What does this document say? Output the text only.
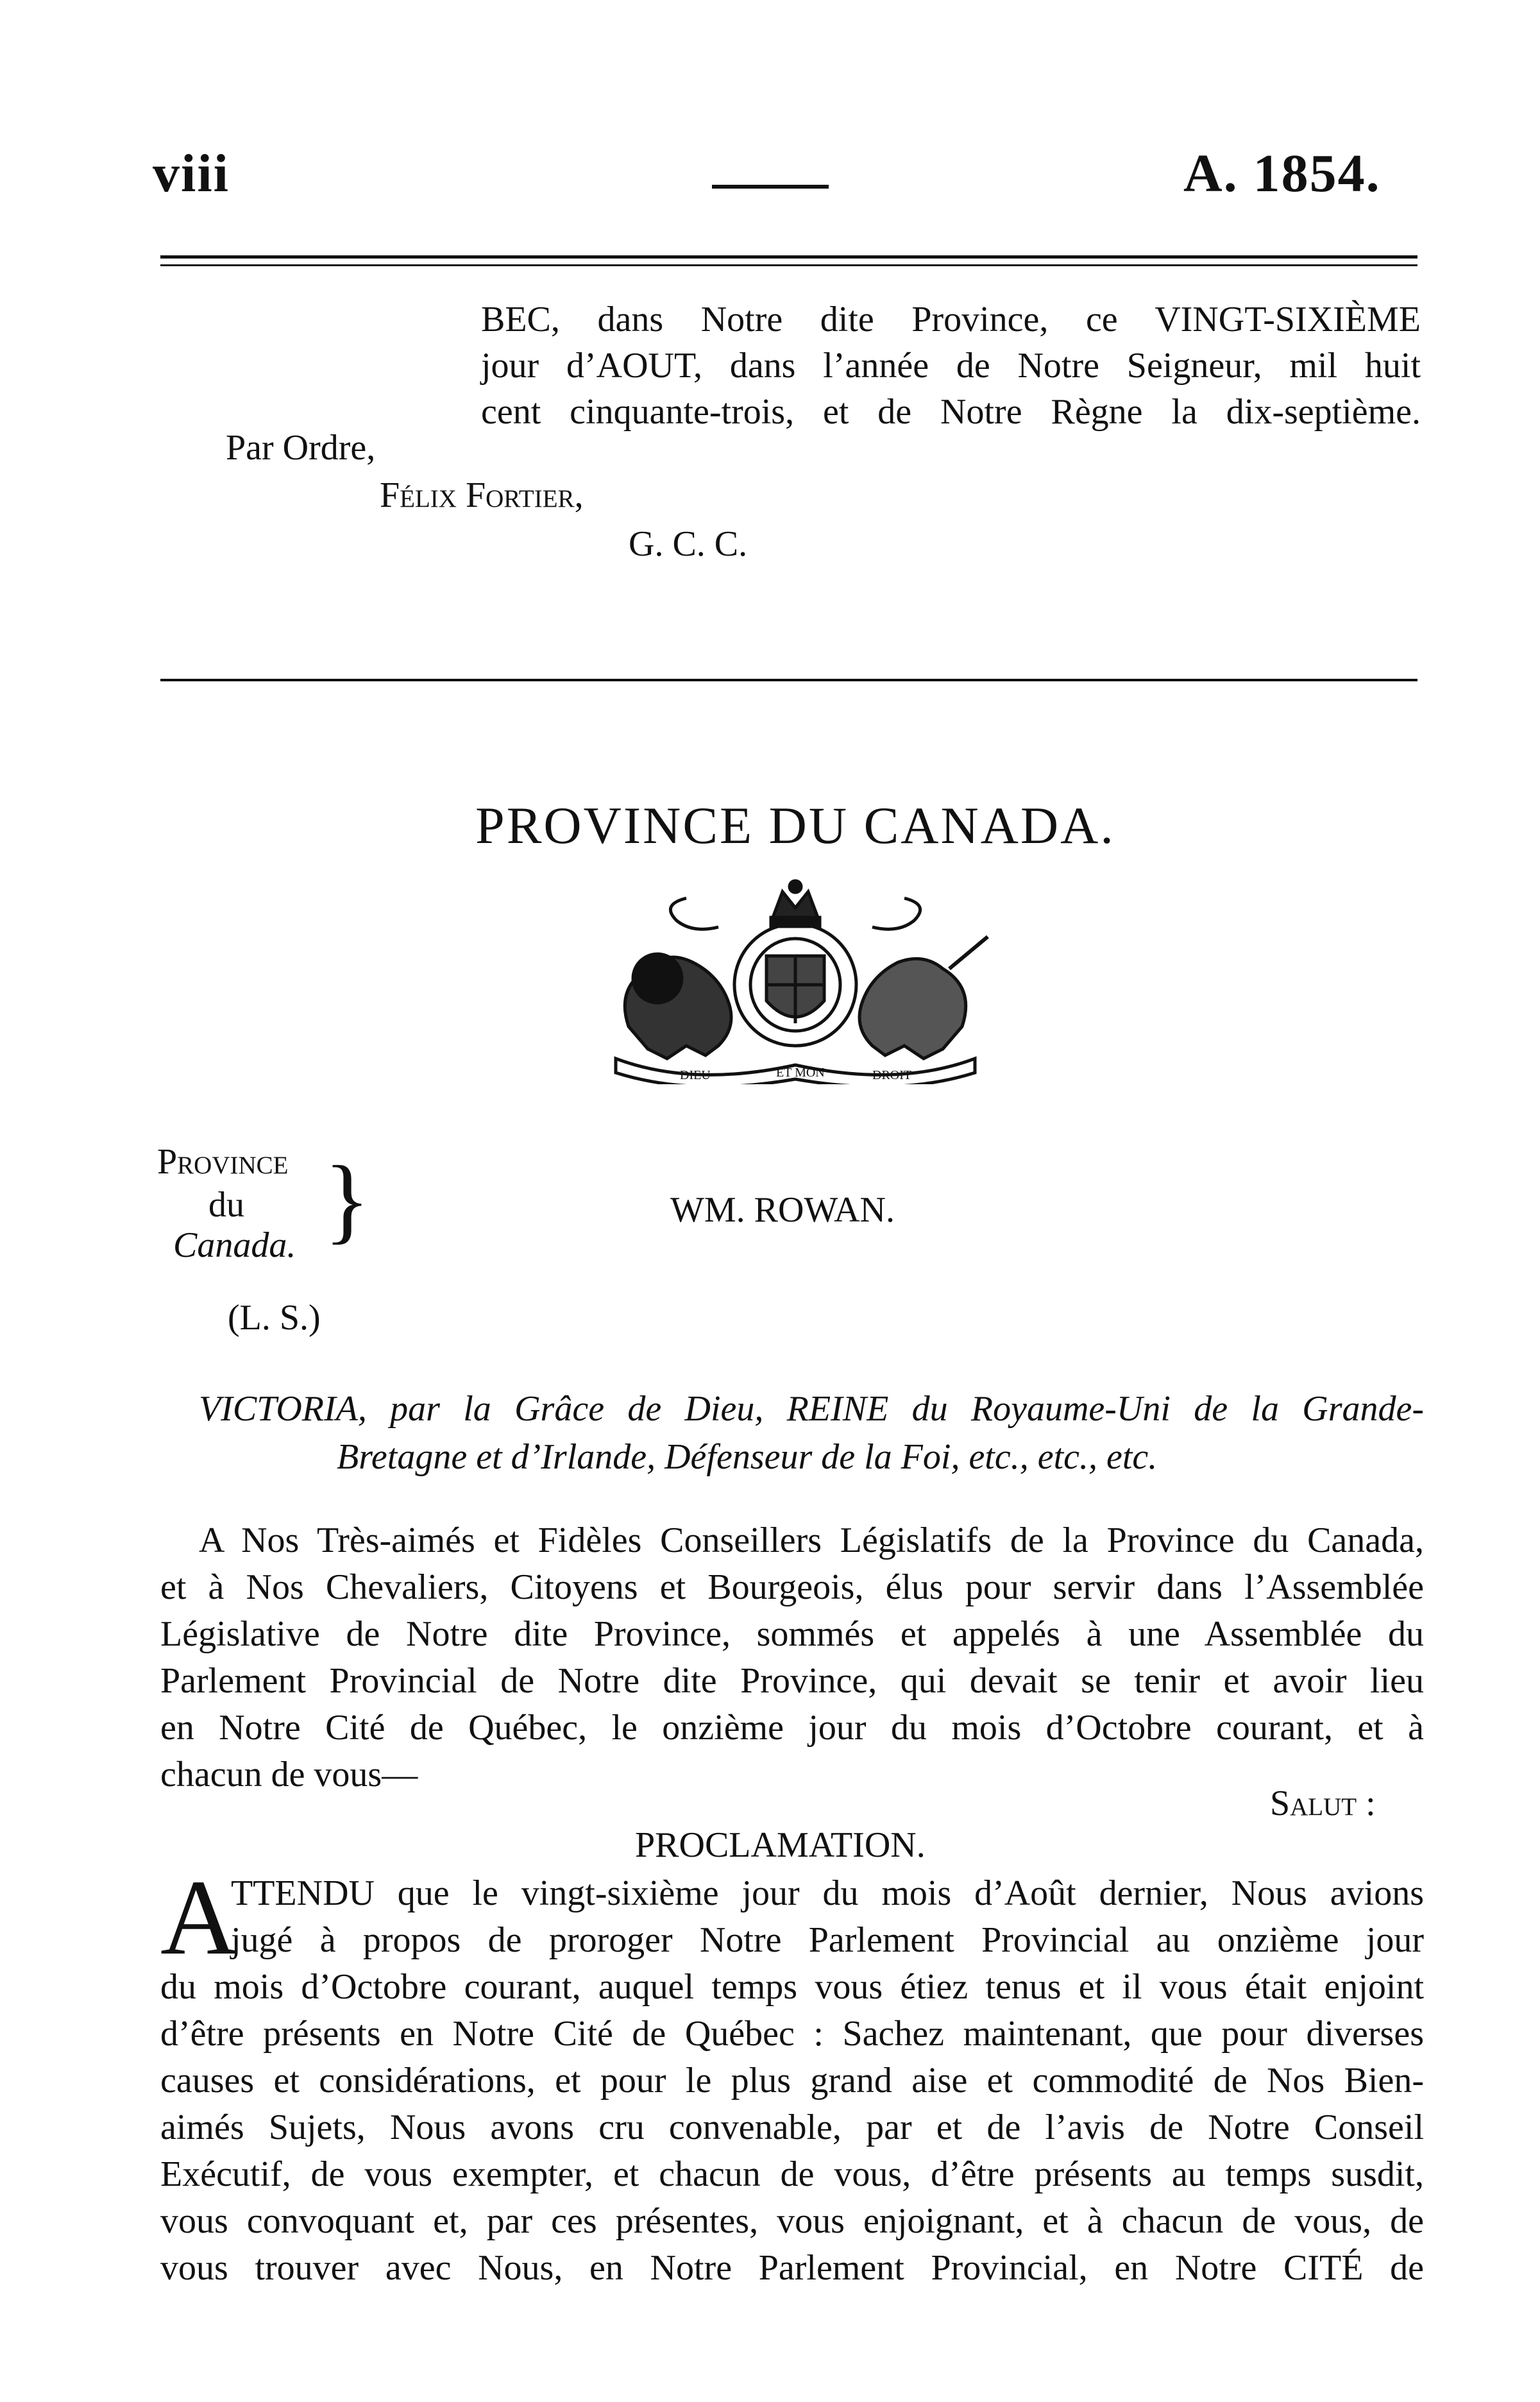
viii	A. 1854.
BEC, dans Notre dite Province, ce VINGT-SIXIÈME
jour d’AOUT, dans l’année de Notre Seigneur, mil huit
cent cinquante-trois, et de Notre Règne la dix-septième.
Par Ordre,
Félix Fortier,
G. C. C.
PROVINCE DU CANADA.
DIEU	ET MON	DROIT
Province
du
Canada. }
(L. S.)
WM. ROWAN.
VICTORIA, par la Grâce de Dieu, REINE du Royaume-Uni de la Grande-
Bretagne et d’Irlande, Défenseur de la Foi, etc., etc., etc.
A Nos Très-aimés et Fidèles Conseillers Législatifs de la Province du Canada,
et à Nos Chevaliers, Citoyens et Bourgeois, élus pour servir dans l’Assemblée
Législative de Notre dite Province, sommés et appelés à une Assemblée du
Parlement Provincial de Notre dite Province, qui devait se tenir et avoir lieu
en Notre Cité de Québec, le onzième jour du mois d’Octobre courant, et à
chacun de vous—
Salut :
PROCLAMATION.
A
TTENDU que le vingt-sixième jour du mois d’Août dernier, Nous avions
jugé à propos de proroger Notre Parlement Provincial au onzième jour
du mois d’Octobre courant, auquel temps vous étiez tenus et il vous était enjoint
d’être présents en Notre Cité de Québec : Sachez maintenant, que pour diverses
causes et considérations, et pour le plus grand aise et commodité de Nos Bien-
aimés Sujets, Nous avons cru convenable, par et de l’avis de Notre Conseil
Exécutif, de vous exempter, et chacun de vous, d’être présents au temps susdit,
vous convoquant et, par ces présentes, vous enjoignant, et à chacun de vous, de
vous trouver avec Nous, en Notre Parlement Provincial, en Notre CITÉ de
